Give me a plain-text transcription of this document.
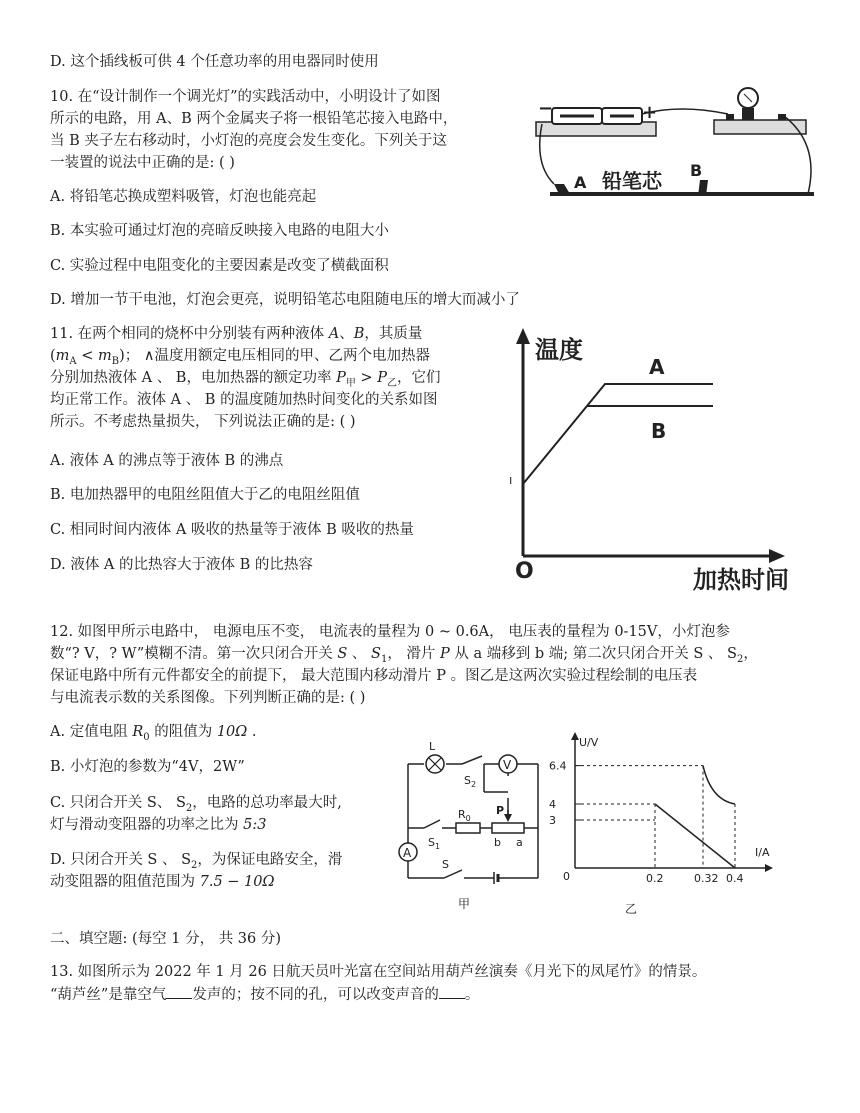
D. 这个插线板可供 4 个任意功率的用电器同时使用
10. 在“设计制作一个调光灯”的实践活动中，小明设计了如图
所示的电路，用 A、B 两个金属夹子将一根铅笔芯接入电路中，
当 B 夹子左右移动时，小灯泡的亮度会发生变化。下列关于这
一装置的说法中正确的是: ( )
A. 将铅笔芯换成塑料吸管，灯泡也能亮起
B. 本实验可通过灯泡的亮暗反映接入电路的电阻大小
C. 实验过程中电阻变化的主要因素是改变了横截面积
D. 增加一节干电池，灯泡会更亮，说明铅笔芯电阻随电压的增大而减小了
−	+
A 铅笔芯 B
11. 在两个相同的烧杯中分别装有两种液体 A、B，其质量
$(m_A < m_B)$； ∧温度用额定电压相同的甲、乙两个电加热器
分别加热液体 A 、 B，电加热器的额定功率 $P_甲 > P_乙$，它们
均正常工作。液体 A 、 B 的温度随加热时间变化的关系如图
所示。不考虑热量损失， 下列说法正确的是: ( )
A. 液体 A 的沸点等于液体 B 的沸点
B. 电加热器甲的电阻丝阻值大于乙的电阻丝阻值
C. 相同时间内液体 A 吸收的热量等于液体 B 吸收的热量
D. 液体 A 的比热容大于液体 B 的比热容
温度
加热时间
O
ı
A
B
12. 如图甲所示电路中， 电源电压不变， 电流表的量程为 0 ~ 0.6A， 电压表的量程为 0-15V，小灯泡参
数“? V，? W”模糊不清。第一次只闭合开关 S 、 $S_1$， 滑片 P 从 a 端移到 b 端; 第二次只闭合开关 S 、 $S_2$，
保证电路中所有元件都安全的前提下， 最大范围内移动滑片 P 。图乙是这两次实验过程绘制的电压表
与电流表示数的关系图像。下列判断正确的是: ( )
A. 定值电阻 $R_0$ 的阻值为 10Ω .
B. 小灯泡的参数为“4V，2W”
C. 只闭合开关 S、 $S_2$，电路的总功率最大时,
灯与滑动变阻器的功率之比为 5:3
D. 只闭合开关 S 、 $S_2$，为保证电路安全，滑
动变阻器的阻值范围为 7.5 − 10Ω
V
A
L
$S_2$
$R_0$
P
$S_1$	b a
S
甲
U/V
I/A
0
乙
6.4
4
3
0.2	0.32 0.4
二、填空题: (每空 1 分， 共 36 分)
13. 如图所示为 2022 年 1 月 26 日航天员叶光富在空间站用葫芦丝演奏《月光下的凤尾竹》的情景。
“葫芦丝”是靠空气 发声的；按不同的孔，可以改变声音的 。
